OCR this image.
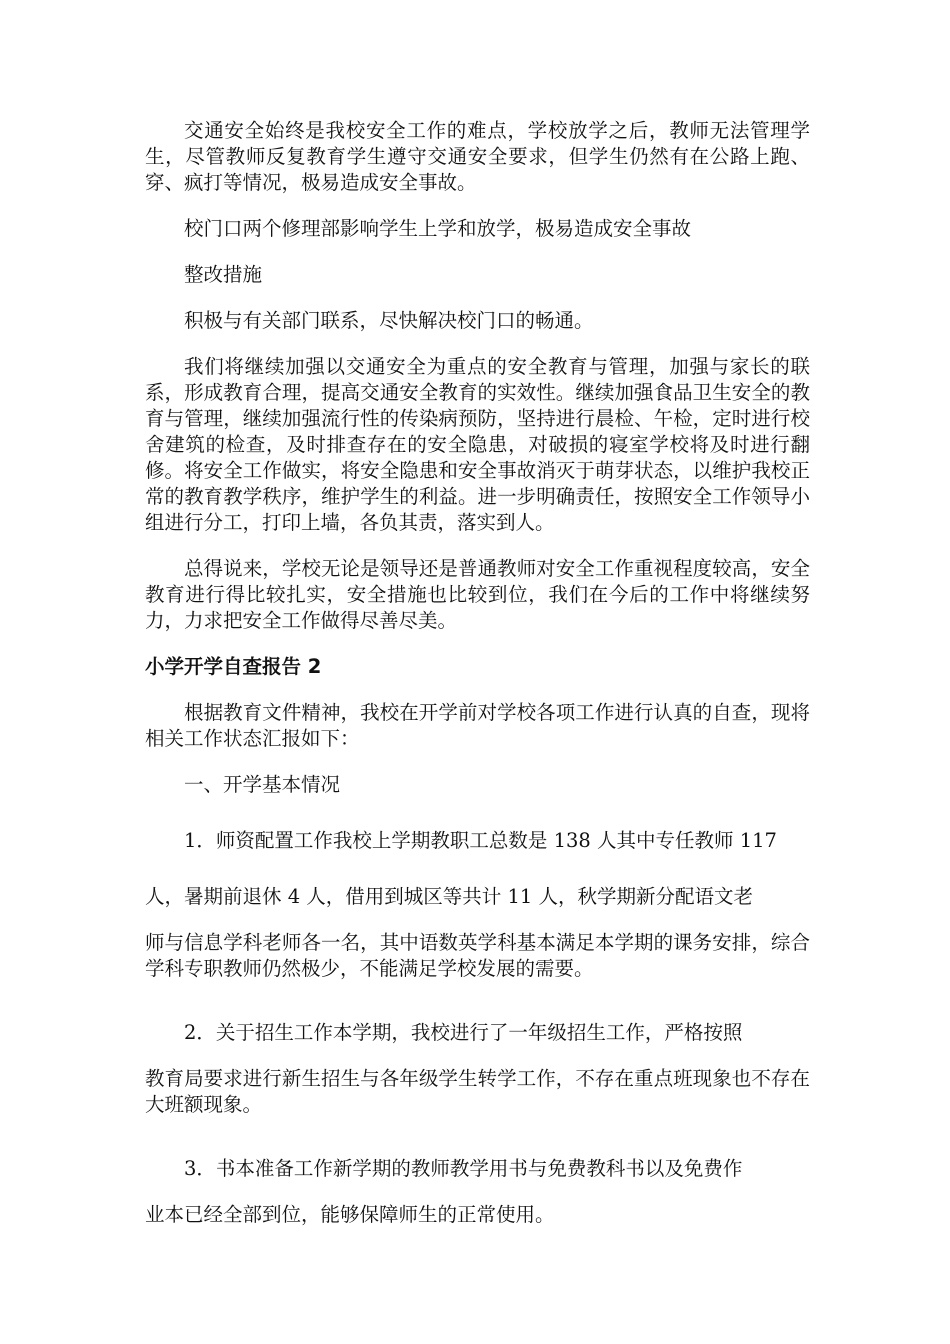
交通安全始终是我校安全工作的难点，学校放学之后，教师无法管理学生，尽管教师反复教育学生遵守交通安全要求，但学生仍然有在公路上跑、穿、疯打等情况，极易造成安全事故。

校门口两个修理部影响学生上学和放学，极易造成安全事故

整改措施

积极与有关部门联系，尽快解决校门口的畅通。

我们将继续加强以交通安全为重点的安全教育与管理，加强与家长的联系，形成教育合理，提高交通安全教育的实效性。继续加强食品卫生安全的教育与管理，继续加强流行性的传染病预防，坚持进行晨检、午检，定时进行校舍建筑的检查，及时排查存在的安全隐患，对破损的寝室学校将及时进行翻修。将安全工作做实，将安全隐患和安全事故消灭于萌芽状态，以维护我校正常的教育教学秩序，维护学生的利益。进一步明确责任，按照安全工作领导小组进行分工，打印上墙，各负其责，落实到人。

总得说来，学校无论是领导还是普通教师对安全工作重视程度较高，安全教育进行得比较扎实，安全措施也比较到位，我们在今后的工作中将继续努力，力求把安全工作做得尽善尽美。

小学开学自查报告 2

根据教育文件精神，我校在开学前对学校各项工作进行认真的自查，现将相关工作状态汇报如下：

一、开学基本情况

1．师资配置工作我校上学期教职工总数是 138 人其中专任教师 117

人，暑期前退休 4 人，借用到城区等共计 11 人，秋学期新分配语文老

师与信息学科老师各一名，其中语数英学科基本满足本学期的课务安排，综合学科专职教师仍然极少，不能满足学校发展的需要。

2．关于招生工作本学期，我校进行了一年级招生工作，严格按照

教育局要求进行新生招生与各年级学生转学工作，不存在重点班现象也不存在大班额现象。

3．书本准备工作新学期的教师教学用书与免费教科书以及免费作

业本已经全部到位，能够保障师生的正常使用。
